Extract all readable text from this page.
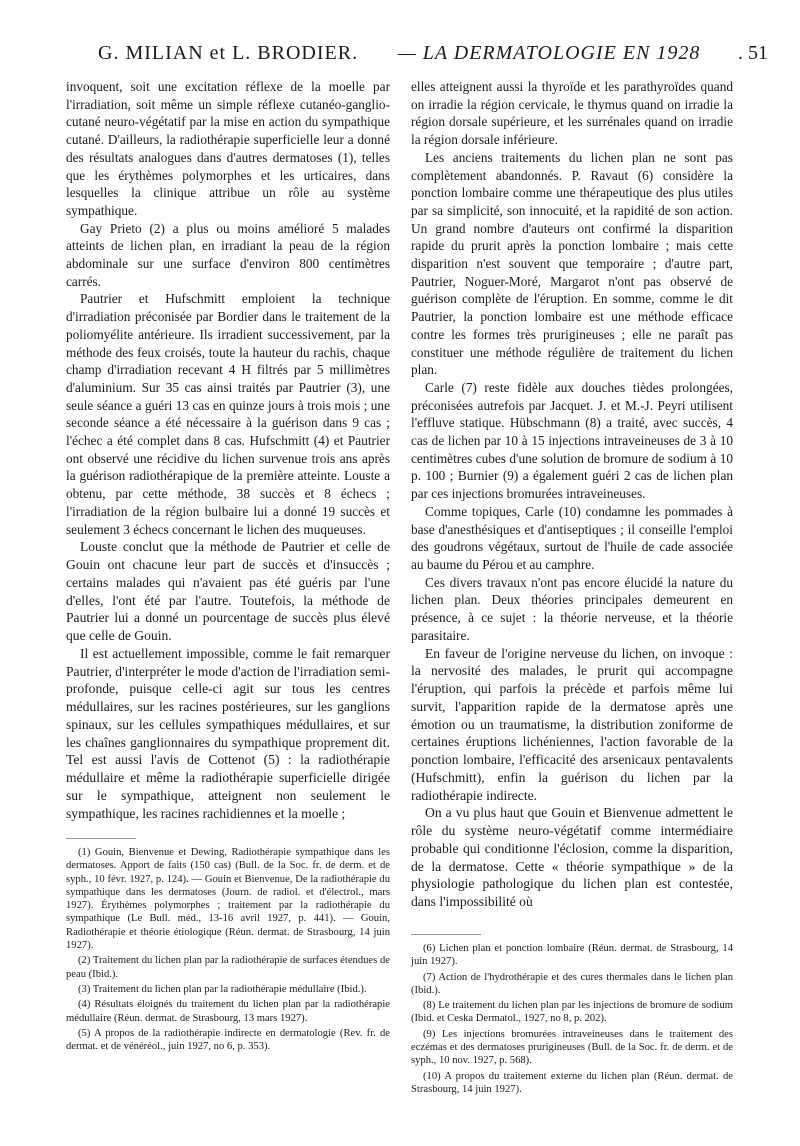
G. MILIAN et L. BRODIER. — LA DERMATOLOGIE EN 1928 . 51

invoquent, soit une excitation réflexe de la moelle par l'irradiation, soit même un simple réflexe cutanéo-ganglio-cutané neuro-végétatif par la mise en action du sympathique cutané. D'ailleurs, la radiothérapie superficielle leur a donné des résultats analogues dans d'autres dermatoses (1), telles que les érythèmes polymorphes et les urticaires, dans lesquelles la clinique attribue un rôle au système sympathique.

Gay Prieto (2) a plus ou moins amélioré 5 malades atteints de lichen plan, en irradiant la peau de la région abdominale sur une surface d'environ 800 centimètres carrés.

Pautrier et Hufschmitt emploient la technique d'irradiation préconisée par Bordier dans le traitement de la poliomyélite antérieure. Ils irradient successivement, par la méthode des feux croisés, toute la hauteur du rachis, chaque champ d'irradiation recevant 4 H filtrés par 5 millimètres d'aluminium. Sur 35 cas ainsi traités par Pautrier (3), une seule séance a guéri 13 cas en quinze jours à trois mois ; une seconde séance a été nécessaire à la guérison dans 9 cas ; l'échec a été complet dans 8 cas. Hufschmitt (4) et Pautrier ont observé une récidive du lichen survenue trois ans après la guérison radiothérapique de la première atteinte. Louste a obtenu, par cette méthode, 38 succès et 8 échecs ; l'irradiation de la région bulbaire lui a donné 19 succès et seulement 3 échecs concernant le lichen des muqueuses.

Louste conclut que la méthode de Pautrier et celle de Gouin ont chacune leur part de succès et d'insuccès ; certains malades qui n'avaient pas été guéris par l'une d'elles, l'ont été par l'autre. Toutefois, la méthode de Pautrier lui a donné un pourcentage de succès plus élevé que celle de Gouin.

Il est actuellement impossible, comme le fait remarquer Pautrier, d'interpréter le mode d'action de l'irradiation semi-profonde, puisque celle-ci agit sur tous les centres médullaires, sur les racines postérieures, sur les ganglions spinaux, sur les cellules sympathiques médullaires, et sur les chaînes ganglionnaires du sympathique proprement dit. Tel est aussi l'avis de Cottenot (5) : la radiothérapie médullaire et même la radiothérapie superficielle dirigée sur le sympathique, atteignent non seulement le sympathique, les racines rachidiennes et la moelle ;

(1) Gouin, Bienvenue et Dewing, Radiothérapie sympathique dans les dermatoses. Apport de faits (150 cas) (Bull. de la Soc. fr. de derm. et de syph., 10 févr. 1927, p. 124). — Gouin et Bienvenue, De la radiothérapie du sympathique dans les dermatoses (Journ. de radiol. et d'électrol., mars 1927). Érythèmes polymorphes ; traitement par la radiothérapie du sympathique (Le Bull. méd., 13-16 avril 1927, p. 441). — Gouin, Radiothérapie et théorie étiologique (Réun. dermat. de Strasbourg, 14 juin 1927).

(2) Traitement du lichen plan par la radiothérapie de surfaces étendues de peau (Ibid.).

(3) Traitement du lichen plan par la radiothérapie médullaire (Ibid.).

(4) Résultats éloignés du traitement du lichen plan par la radiothérapie médullaire (Réun. dermat. de Strasbourg, 13 mars 1927).

(5) A propos de la radiothérapie indirecte en dermatologie (Rev. fr. de dermat. et de vénéréol., juin 1927, no 6, p. 353).

elles atteignent aussi la thyroïde et les parathyroïdes quand on irradie la région cervicale, le thymus quand on irradie la région dorsale supérieure, et les surrénales quand on irradie la région dorsale inférieure.

Les anciens traitements du lichen plan ne sont pas complètement abandonnés. P. Ravaut (6) considère la ponction lombaire comme une thérapeutique des plus utiles par sa simplicité, son innocuité, et la rapidité de son action. Un grand nombre d'auteurs ont confirmé la disparition rapide du prurit après la ponction lombaire ; mais cette disparition n'est souvent que temporaire ; d'autre part, Pautrier, Noguer-Moré, Margarot n'ont pas observé de guérison complète de l'éruption. En somme, comme le dit Pautrier, la ponction lombaire est une méthode efficace contre les formes très prurigineuses ; elle ne paraît pas constituer une méthode régulière de traitement du lichen plan.

Carle (7) reste fidèle aux douches tièdes prolongées, préconisées autrefois par Jacquet. J. et M.-J. Peyri utilisent l'effluve statique. Hübschmann (8) a traité, avec succès, 4 cas de lichen par 10 à 15 injections intraveineuses de 3 à 10 centimètres cubes d'une solution de bromure de sodium à 10 p. 100 ; Burnier (9) a également guéri 2 cas de lichen plan par ces injections bromurées intraveineuses.

Comme topiques, Carle (10) condamne les pommades à base d'anesthésiques et d'antiseptiques ; il conseille l'emploi des goudrons végétaux, surtout de l'huile de cade associée au baume du Pérou et au camphre.

Ces divers travaux n'ont pas encore élucidé la nature du lichen plan. Deux théories principales demeurent en présence, à ce sujet : la théorie nerveuse, et la théorie parasitaire.

En faveur de l'origine nerveuse du lichen, on invoque : la nervosité des malades, le prurit qui accompagne l'éruption, qui parfois la précède et parfois même lui survit, l'apparition rapide de la dermatose après une émotion ou un traumatisme, la distribution zoniforme de certaines éruptions lichéniennes, l'action favorable de la ponction lombaire, l'efficacité des arsenicaux pentavalents (Hufschmitt), enfin la guérison du lichen par la radiothérapie indirecte.

On a vu plus haut que Gouin et Bienvenue admettent le rôle du système neuro-végétatif comme intermédiaire probable qui conditionne l'éclosion, comme la disparition, de la dermatose. Cette « théorie sympathique » de la physiologie pathologique du lichen plan est contestée, dans l'impossibilité où

(6) Lichen plan et ponction lombaire (Réun. dermat. de Strasbourg, 14 juin 1927).

(7) Action de l'hydrothérapie et des cures thermales dans le lichen plan (Ibid.).

(8) Le traitement du lichen plan par les injections de bromure de sodium (Ibid. et Ceska Dermatol., 1927, no 8, p. 202).

(9) Les injections bromurées intraveineuses dans le traitement des eczémas et des dermatoses prurigineuses (Bull. de la Soc. fr. de derm. et de syph., 10 nov. 1927, p. 568).

(10) A propos du traitement externe du lichen plan (Réun. dermat. de Strasbourg, 14 juin 1927).
